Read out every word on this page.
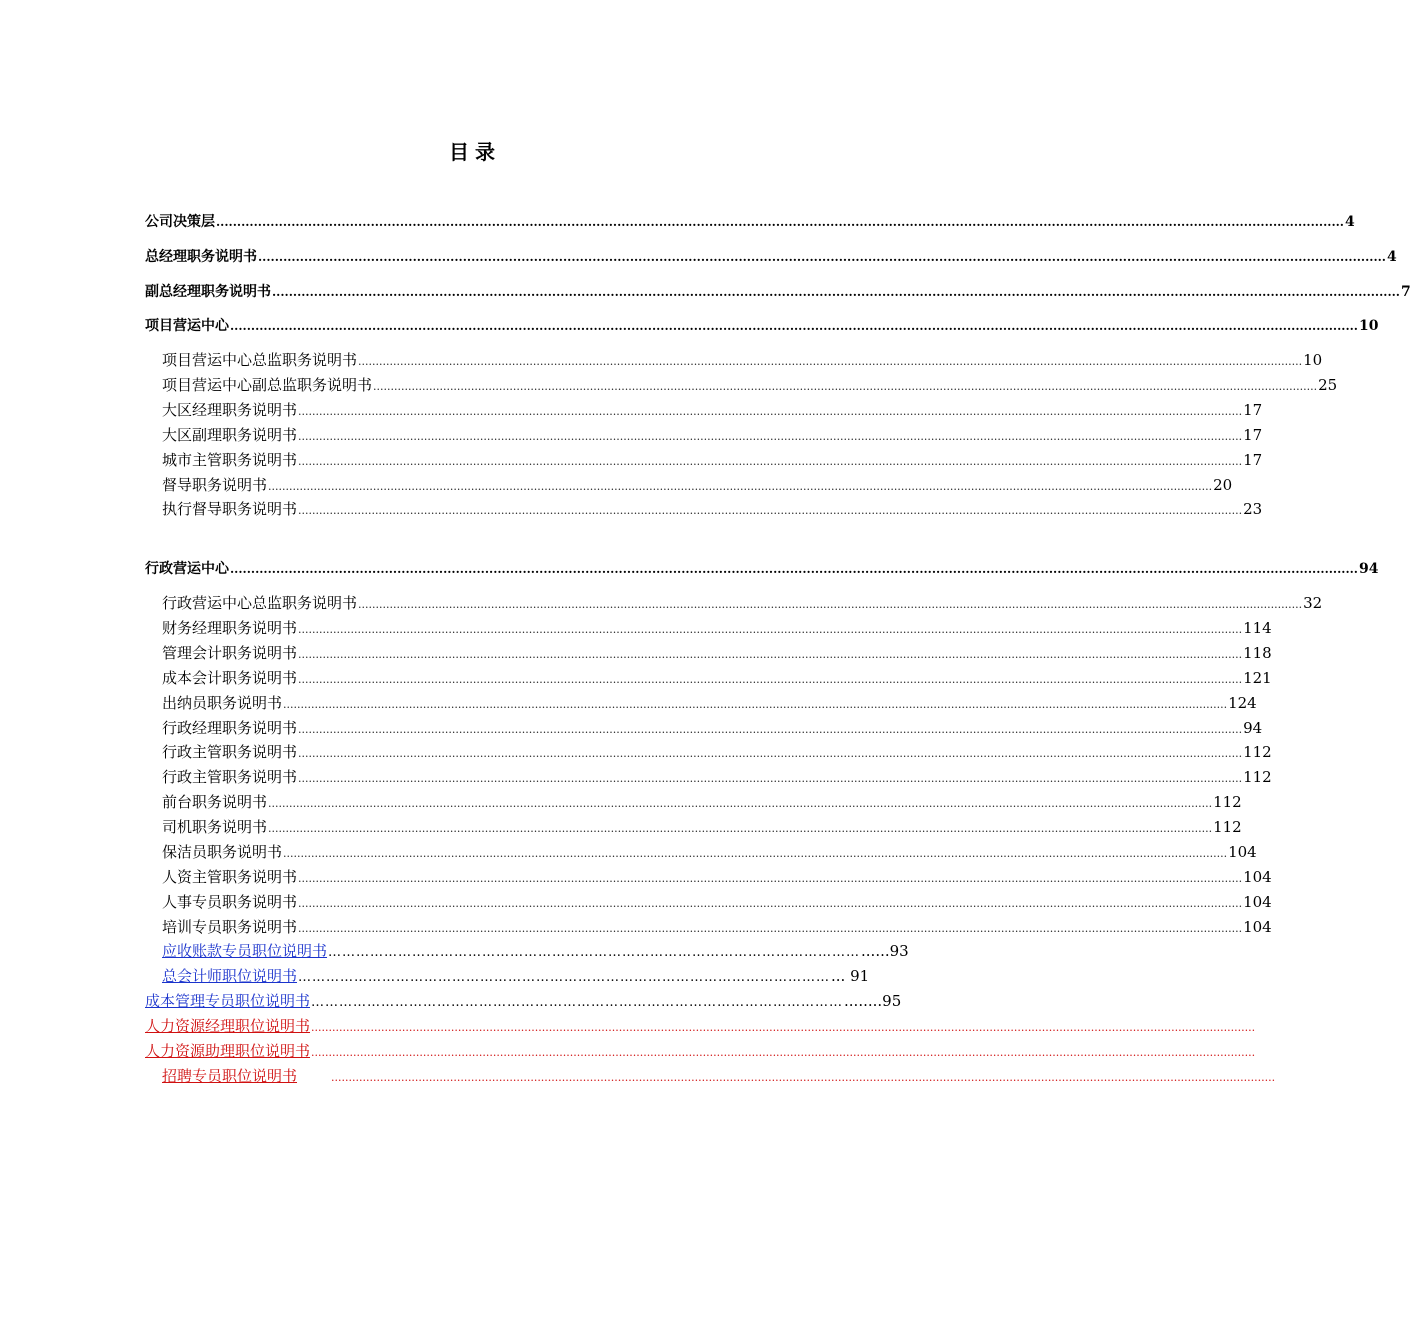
目录
公司决策层 .............................................................................................................................................................................................................................................................................. 4
总经理职务说明书 .............................................................................................................................................................................................................................................................................. 4
副总经理职务说明书 .............................................................................................................................................................................................................................................................................. 7
项目营运中心 .............................................................................................................................................................................................................................................................................. 10
项目营运中心总监职务说明书 .............................................................................................................................................................................................................................................................................. 10
项目营运中心副总监职务说明书 .............................................................................................................................................................................................................................................................................. 25
大区经理职务说明书 .............................................................................................................................................................................................................................................................................. 17
大区副理职务说明书 .............................................................................................................................................................................................................................................................................. 17
城市主管职务说明书 .............................................................................................................................................................................................................................................................................. 17
督导职务说明书 .............................................................................................................................................................................................................................................................................. 20
执行督导职务说明书 .............................................................................................................................................................................................................................................................................. 23
行政营运中心 .............................................................................................................................................................................................................................................................................. 94
行政营运中心总监职务说明书 .............................................................................................................................................................................................................................................................................. 32
财务经理职务说明书 .............................................................................................................................................................................................................................................................................. 114
管理会计职务说明书 .............................................................................................................................................................................................................................................................................. 118
成本会计职务说明书 .............................................................................................................................................................................................................................................................................. 121
出纳员职务说明书 .............................................................................................................................................................................................................................................................................. 124
行政经理职务说明书 .............................................................................................................................................................................................................................................................................. 94
行政主管职务说明书 .............................................................................................................................................................................................................................................................................. 112
行政主管职务说明书 .............................................................................................................................................................................................................................................................................. 112
前台职务说明书 .............................................................................................................................................................................................................................................................................. 112
司机职务说明书 .............................................................................................................................................................................................................................................................................. 112
保洁员职务说明书 .............................................................................................................................................................................................................................................................................. 104
人资主管职务说明书 .............................................................................................................................................................................................................................................................................. 104
人事专员职务说明书 .............................................................................................................................................................................................................................................................................. 104
培训专员职务说明书 .............................................................................................................................................................................................................................................................................. 104
应收账款专员职位说明书 …………………………………………………………………………………………………… ......93
总会计师职位说明书 …………………………………………………………………………………………………… ... 91
成本管理专员职位说明书 …………………………………………………………………………………………………… ........95
人力资源经理职位说明书 ..............................................................................................................................................................................................................................................................................
人力资源助理职位说明书 ..............................................................................................................................................................................................................................................................................
招聘专员职位说明书	..............................................................................................................................................................................................................................................................................
